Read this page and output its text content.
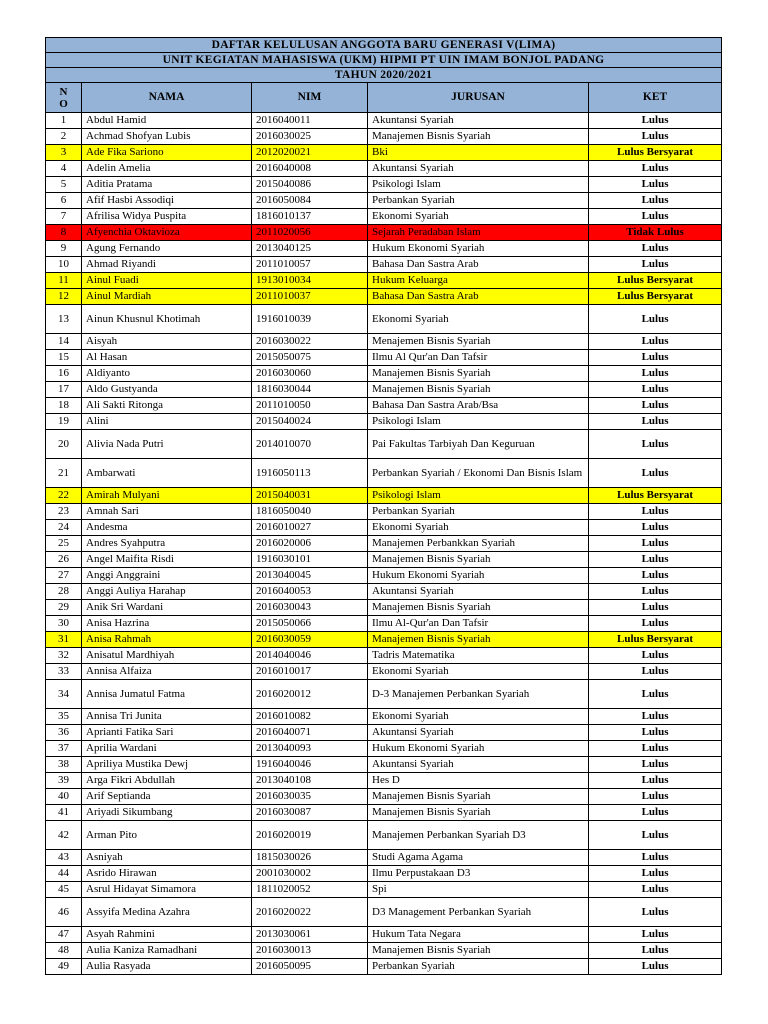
DAFTAR KELULUSAN ANGGOTA BARU GENERASI V(LIMA)				
UNIT KEGIATAN MAHASISWA (UKM) HIPMI PT UIN IMAM BONJOL PADANG				
TAHUN 2020/2021				
N O	NAMA	NIM	JURUSAN	KET
1	Abdul Hamid	2016040011	Akuntansi Syariah	Lulus
2	Achmad Shofyan Lubis	2016030025	Manajemen Bisnis Syariah	Lulus
3	Ade Fika Sariono	2012020021	Bki	Lulus Bersyarat
4	Adelin Amelia	2016040008	Akuntansi Syariah	Lulus
5	Aditia Pratama	2015040086	Psikologi Islam	Lulus
6	Afif Hasbi Assodiqi	2016050084	Perbankan Syariah	Lulus
7	Afrilisa Widya Puspita	1816010137	Ekonomi Syariah	Lulus
8	Afyenchia Oktavioza	2011020056	Sejarah Peradaban Islam	Tidak Lulus
9	Agung Fernando	2013040125	Hukum Ekonomi Syariah	Lulus
10	Ahmad Riyandi	2011010057	Bahasa Dan Sastra Arab	Lulus
11	Ainul Fuadi	1913010034	Hukum Keluarga	Lulus Bersyarat
12	Ainul Mardiah	2011010037	Bahasa Dan Sastra Arab	Lulus Bersyarat
13	Ainun Khusnul Khotimah	1916010039	Ekonomi Syariah	Lulus
14	Aisyah	2016030022	Menajemen Bisnis Syariah	Lulus
15	Al Hasan	2015050075	Ilmu Al Qur'an Dan Tafsir	Lulus
16	Aldiyanto	2016030060	Manajemen Bisnis Syariah	Lulus
17	Aldo Gustyanda	1816030044	Manajemen Bisnis Syariah	Lulus
18	Ali Sakti Ritonga	2011010050	Bahasa Dan Sastra Arab/Bsa	Lulus
19	Alini	2015040024	Psikologi Islam	Lulus
20	Alivia Nada Putri	2014010070	Pai Fakultas Tarbiyah Dan Keguruan	Lulus
21	Ambarwati	1916050113	Perbankan Syariah / Ekonomi Dan Bisnis Islam	Lulus
22	Amirah Mulyani	2015040031	Psikologi Islam	Lulus Bersyarat
23	Amnah Sari	1816050040	Perbankan Syariah	Lulus
24	Andesma	2016010027	Ekonomi Syariah	Lulus
25	Andres Syahputra	2016020006	Manajemen Perbankkan Syariah	Lulus
26	Angel Maifita Risdi	1916030101	Manajemen Bisnis Syariah	Lulus
27	Anggi Anggraini	2013040045	Hukum Ekonomi Syariah	Lulus
28	Anggi Auliya Harahap	2016040053	Akuntansi Syariah	Lulus
29	Anik Sri Wardani	2016030043	Manajemen Bisnis Syariah	Lulus
30	Anisa Hazrina	2015050066	Ilmu Al-Qur'an Dan Tafsir	Lulus
31	Anisa Rahmah	2016030059	Manajemen Bisnis Syariah	Lulus Bersyarat
32	Anisatul Mardhiyah	2014040046	Tadris Matematika	Lulus
33	Annisa Alfaiza	2016010017	Ekonomi Syariah	Lulus
34	Annisa Jumatul Fatma	2016020012	D-3 Manajemen Perbankan Syariah	Lulus
35	Annisa Tri Junita	2016010082	Ekonomi Syariah	Lulus
36	Aprianti Fatika Sari	2016040071	Akuntansi Syariah	Lulus
37	Aprilia Wardani	2013040093	Hukum Ekonomi Syariah	Lulus
38	Apriliya Mustika Dewj	1916040046	Akuntansi Syariah	Lulus
39	Arga Fikri Abdullah	2013040108	Hes D	Lulus
40	Arif Septianda	2016030035	Manajemen Bisnis Syariah	Lulus
41	Ariyadi Sikumbang	2016030087	Manajemen Bisnis Syariah	Lulus
42	Arman Pito	2016020019	Manajemen Perbankan Syariah D3	Lulus
43	Asniyah	1815030026	Studi Agama Agama	Lulus
44	Asrido Hirawan	2001030002	Ilmu Perpustakaan D3	Lulus
45	Asrul Hidayat Simamora	1811020052	Spi	Lulus
46	Assyifa Medina Azahra	2016020022	D3 Management Perbankan Syariah	Lulus
47	Asyah Rahmini	2013030061	Hukum Tata Negara	Lulus
48	Aulia Kaniza Ramadhani	2016030013	Manajemen Bisnis Syariah	Lulus
49	Aulia Rasyada	2016050095	Perbankan Syariah	Lulus
